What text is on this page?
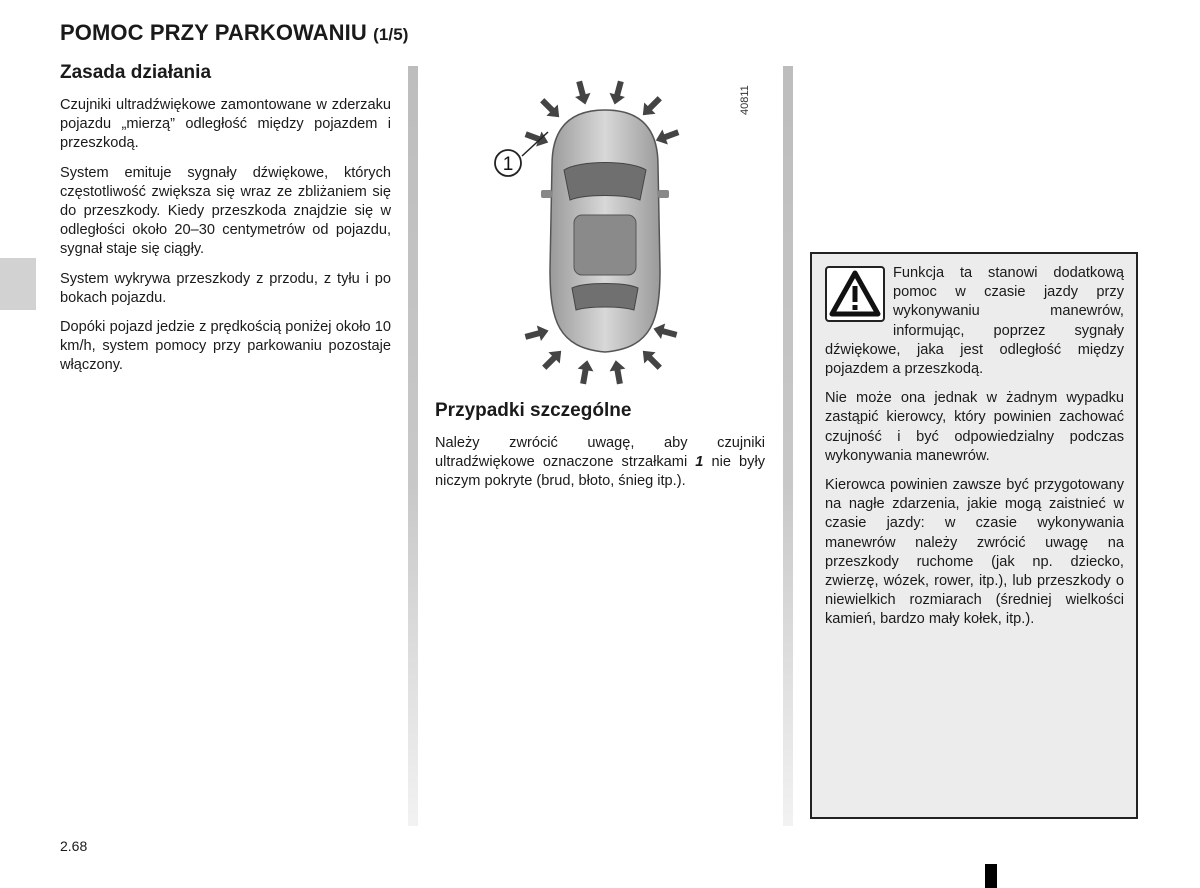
POMOC PRZY PARKOWANIU (1/5)
Zasada działania

Czujniki ultradźwiękowe zamontowane w zderzaku pojazdu „mierzą” odległość między pojazdem i przeszkodą.

System emituje sygnały dźwiękowe, których częstotliwość zwiększa się wraz ze zbliżaniem się do przeszkody. Kiedy przeszkoda znajdzie się w odległości około 20–30 centymetrów od pojazdu, sygnał staje się ciągły.

System wykrywa przeszkody z przodu, z tyłu i po bokach pojazdu.

Dopóki pojazd jedzie z prędkością poniżej około 10 km/h, system pomocy przy parkowaniu pozostaje włączony.

40811
1
Przypadki szczególne

Należy zwrócić uwagę, aby czujniki ultradźwiękowe oznaczone strzałkami 1 nie były niczym pokryte (brud, błoto, śnieg itp.).

Funkcja ta stanowi dodatkową pomoc w czasie jazdy przy wykonywaniu manewrów, informując, poprzez sygnały dźwiękowe, jaka jest odległość między pojazdem a przeszkodą.

Nie może ona jednak w żadnym wypadku zastąpić kierowcy, który powinien zachować czujność i być odpowiedzialny podczas wykonywania manewrów.

Kierowca powinien zawsze być przygotowany na nagłe zdarzenia, jakie mogą zaistnieć w czasie jazdy: w czasie wykonywania manewrów należy zwrócić uwagę na przeszkody ruchome (jak np. dziecko, zwierzę, wózek, rower, itp.), lub przeszkody o niewielkich rozmiarach (średniej wielkości kamień, bardzo mały kołek, itp.).

2.68
